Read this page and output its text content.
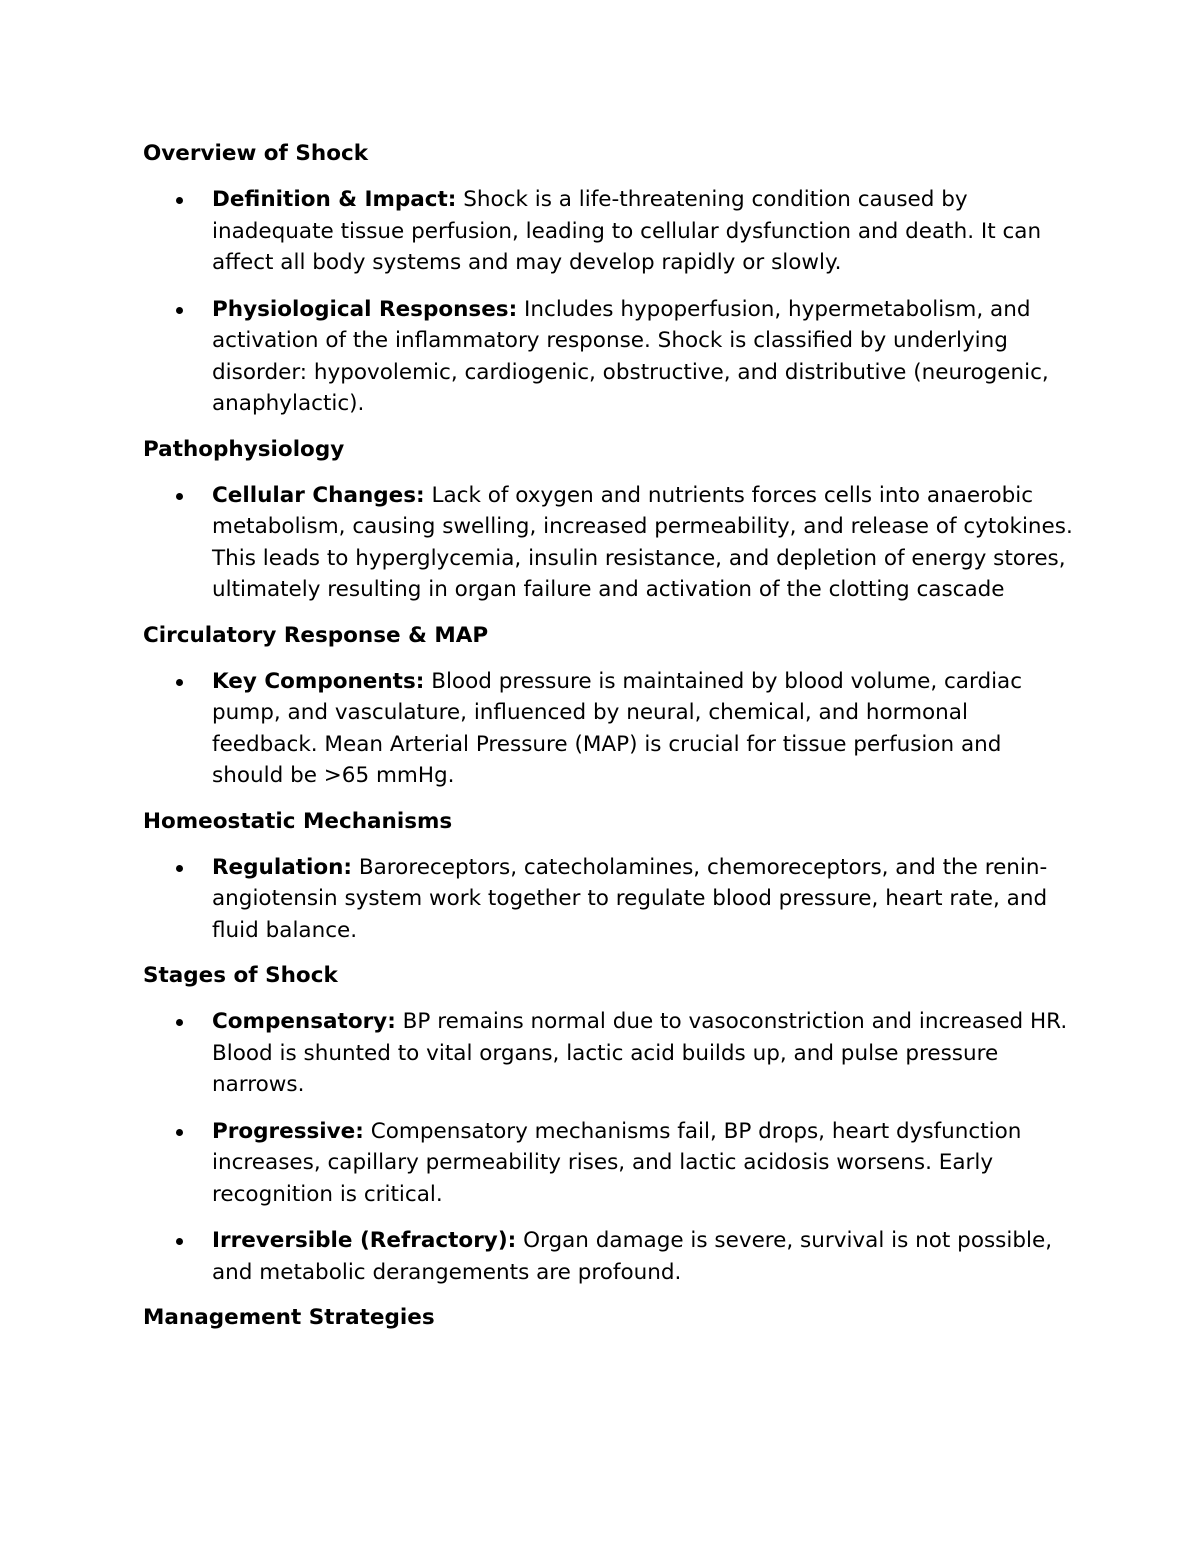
Overview of Shock
Definition & Impact: Shock is a life-threatening condition caused by inadequate tissue perfusion, leading to cellular dysfunction and death. It can affect all body systems and may develop rapidly or slowly.
Physiological Responses: Includes hypoperfusion, hypermetabolism, and activation of the inflammatory response. Shock is classified by underlying disorder: hypovolemic, cardiogenic, obstructive, and distributive (neurogenic, anaphylactic).
Pathophysiology
Cellular Changes: Lack of oxygen and nutrients forces cells into anaerobic metabolism, causing swelling, increased permeability, and release of cytokines. This leads to hyperglycemia, insulin resistance, and depletion of energy stores, ultimately resulting in organ failure and activation of the clotting cascade
Circulatory Response & MAP
Key Components: Blood pressure is maintained by blood volume, cardiac pump, and vasculature, influenced by neural, chemical, and hormonal feedback. Mean Arterial Pressure (MAP) is crucial for tissue perfusion and should be >65 mmHg.
Homeostatic Mechanisms
Regulation: Baroreceptors, catecholamines, chemoreceptors, and the renin-angiotensin system work together to regulate blood pressure, heart rate, and fluid balance.
Stages of Shock
Compensatory: BP remains normal due to vasoconstriction and increased HR. Blood is shunted to vital organs, lactic acid builds up, and pulse pressure narrows.
Progressive: Compensatory mechanisms fail, BP drops, heart dysfunction increases, capillary permeability rises, and lactic acidosis worsens. Early recognition is critical.
Irreversible (Refractory): Organ damage is severe, survival is not possible, and metabolic derangements are profound.
Management Strategies
